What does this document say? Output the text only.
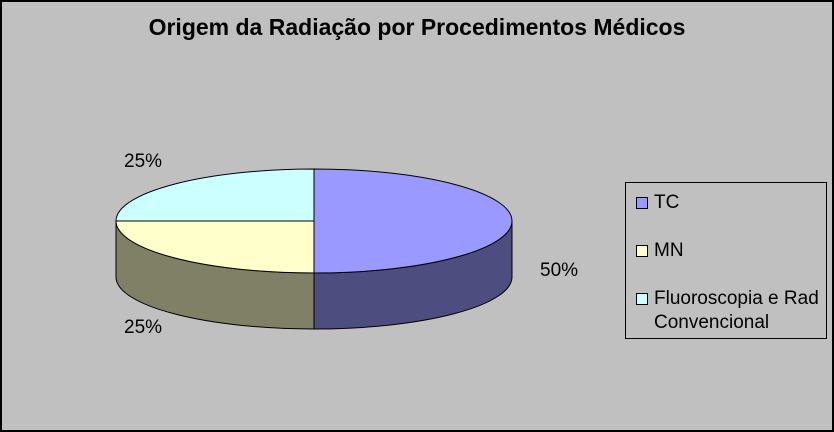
Origem da Radiação por Procedimentos Médicos
50%
25%
25%
TC
MN
Fluoroscopia e Rad Convencional
